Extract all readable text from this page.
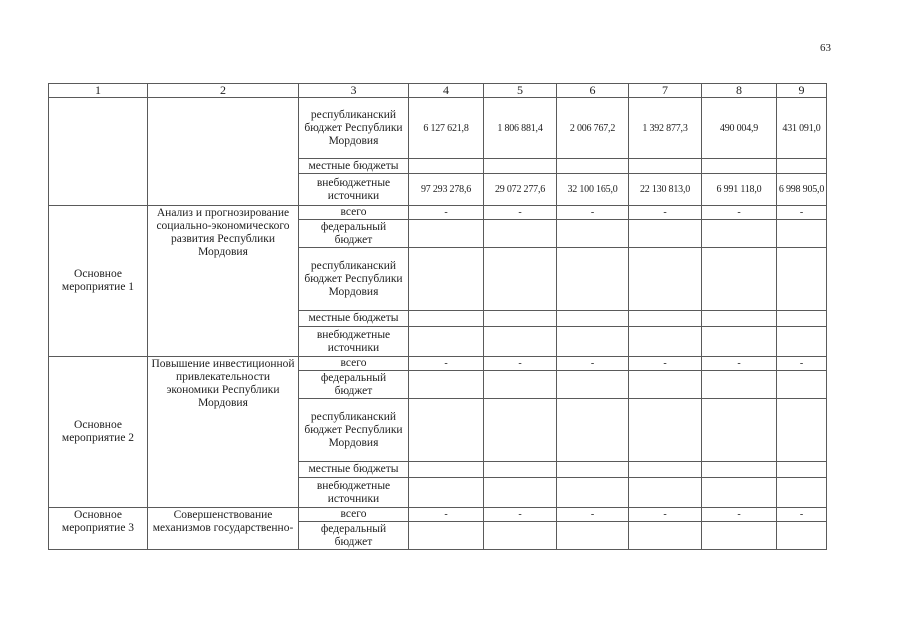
63
1	2	3	4	5	6	7	8	9
		республиканский бюджет Республики Мордовия	6 127 621,8	1 806 881,4	2 006 767,2	1 392 877,3	490 004,9	431 091,0
		местные бюджеты						
		внебюджетные источники	97 293 278,6	29 072 277,6	32 100 165,0	22 130 813,0	6 991 118,0	6 998 905,0
Основное мероприятие 1	Анализ и прогнозирование социально-экономического развития Республики Мордовия	всего	-	-	-	-	-	-
		федеральный бюджет						
		республиканский бюджет Республики Мордовия						
		местные бюджеты						
		внебюджетные источники						
Основное мероприятие 2	Повышение инвестиционной привлекательности экономики Республики Мордовия	всего	-	-	-	-	-	-
		федеральный бюджет						
		республиканский бюджет Республики Мордовия						
		местные бюджеты						
		внебюджетные источники						
Основное мероприятие 3	Совершенствование механизмов государственно-	всего	-	-	-	-	-	-
		федеральный бюджет						
